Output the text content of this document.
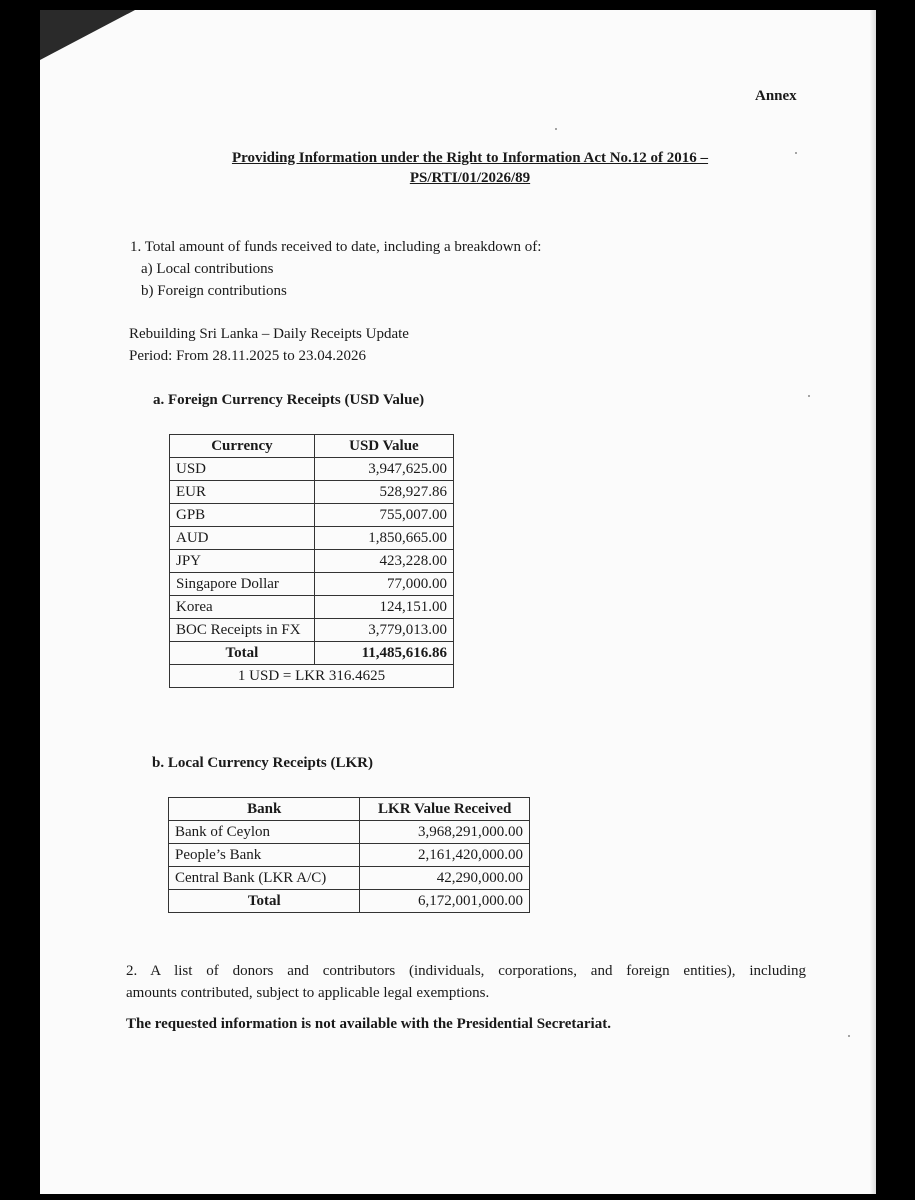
Annex
Providing Information under the Right to Information Act No.12 of 2016 –
PS/RTI/01/2026/89
1. Total amount of funds received to date, including a breakdown of:
a) Local contributions
b) Foreign contributions
Rebuilding Sri Lanka – Daily Receipts Update
Period: From 28.11.2025 to 23.04.2026
a. Foreign Currency Receipts (USD Value)
Currency	USD Value
USD	3,947,625.00
EUR	528,927.86
GPB	755,007.00
AUD	1,850,665.00
JPY	423,228.00
Singapore Dollar	77,000.00
Korea	124,151.00
BOC Receipts in FX	3,779,013.00
Total	11,485,616.86
1 USD = LKR 316.4625	
b. Local Currency Receipts (LKR)
Bank	LKR Value Received
Bank of Ceylon	3,968,291,000.00
People’s Bank	2,161,420,000.00
Central Bank (LKR A/C)	42,290,000.00
Total	6,172,001,000.00
2. A list of donors and contributors (individuals, corporations, and foreign entities), including
amounts contributed, subject to applicable legal exemptions.
The requested information is not available with the Presidential Secretariat.
